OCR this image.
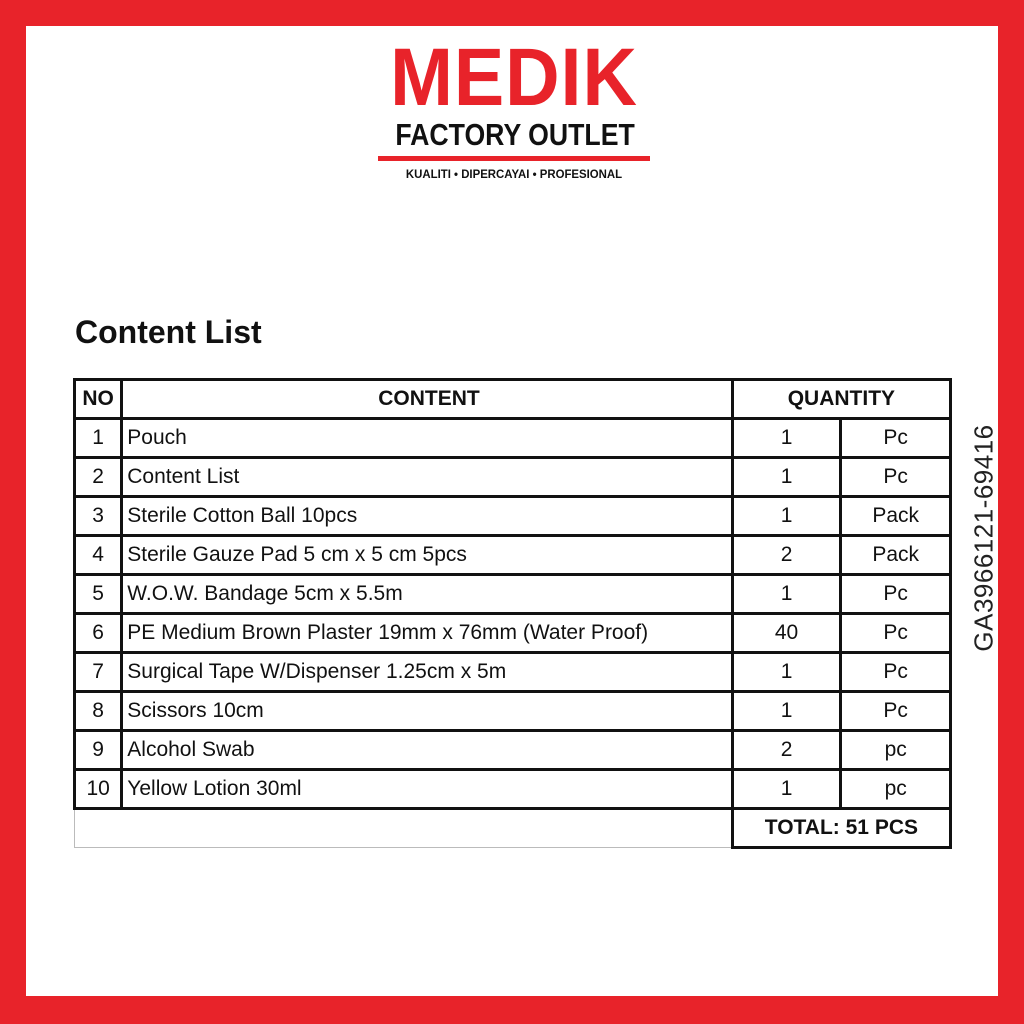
MEDIK
FACTORY OUTLET
KUALITI • DIPERCAYAI • PROFESIONAL
Content List
NO	CONTENT	QUANTITY	
1	Pouch	1	Pc
2	Content List	1	Pc
3	Sterile Cotton Ball 10pcs	1	Pack
4	Sterile Gauze Pad 5 cm x 5 cm 5pcs	2	Pack
5	W.O.W. Bandage 5cm x 5.5m	1	Pc
6	PE Medium Brown Plaster 19mm x 76mm (Water Proof)	40	Pc
7	Surgical Tape W/Dispenser 1.25cm x 5m	1	Pc
8	Scissors 10cm	1	Pc
9	Alcohol Swab	2	pc
10	Yellow Lotion 30ml	1	pc
		TOTAL: 51 PCS	
GA3966121-69416
